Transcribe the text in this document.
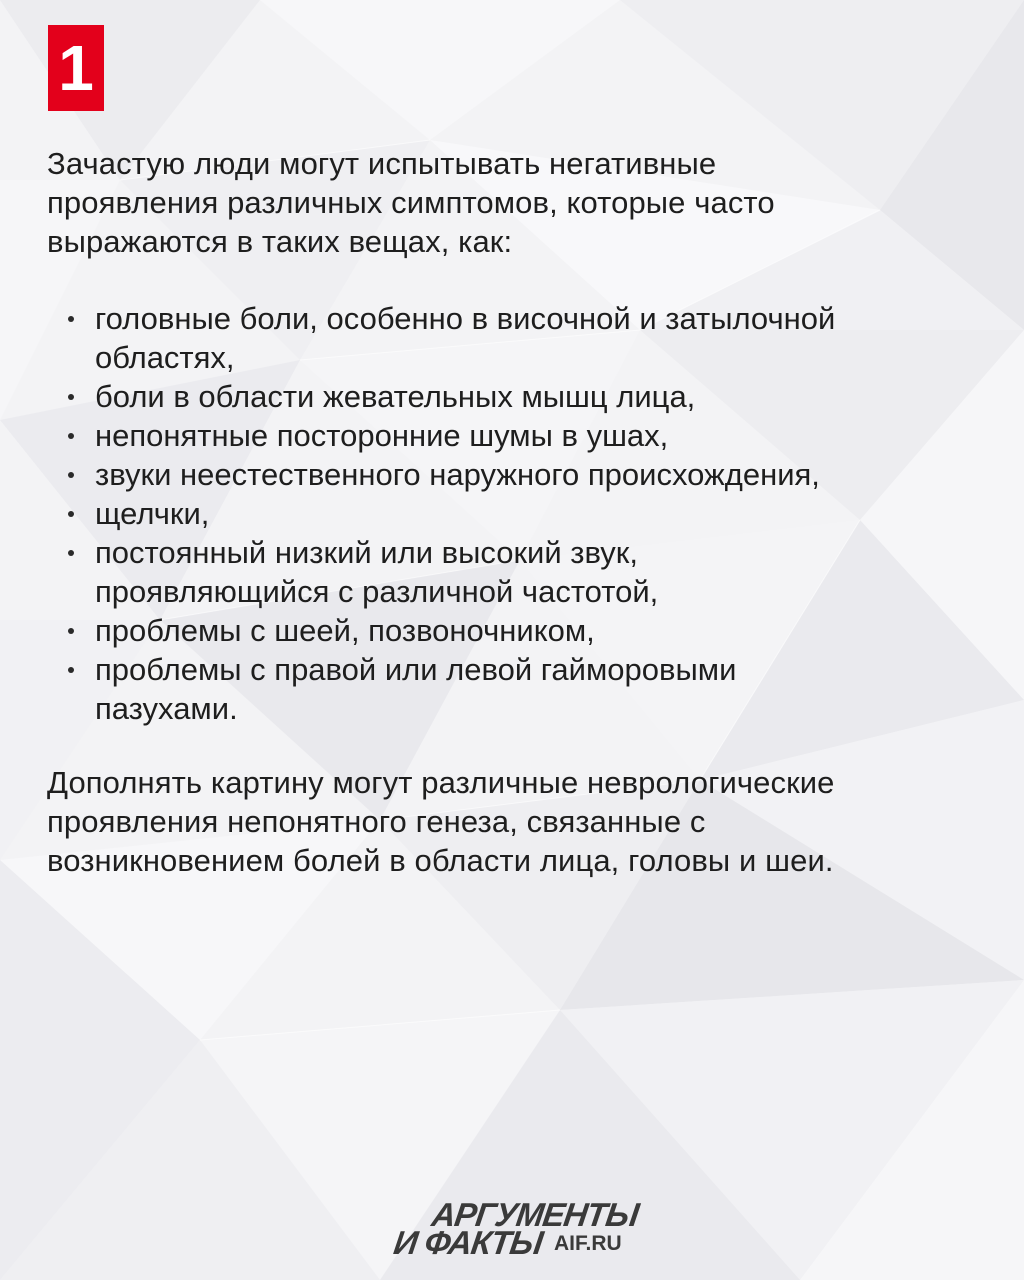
1

Зачастую люди могут испытывать негативные
проявления различных симптомов, которые часто
выражаются в таких вещах, как:

головные боли, особенно в височной и затылочной
областях,
боли в области жевательных мышц лица,
непонятные посторонние шумы в ушах,
звуки неестественного наружного происхождения,
щелчки,
постоянный низкий или высокий звук,
проявляющийся с различной частотой,
проблемы с шеей, позвоночником,
проблемы с правой или левой гайморовыми
пазухами.

Дополнять картину могут различные неврологические
проявления непонятного генеза, связанные с
возникновением болей в области лица, головы и шеи.

АРГУМЕНТЫ
И ФАКТЫ AIF.RU
